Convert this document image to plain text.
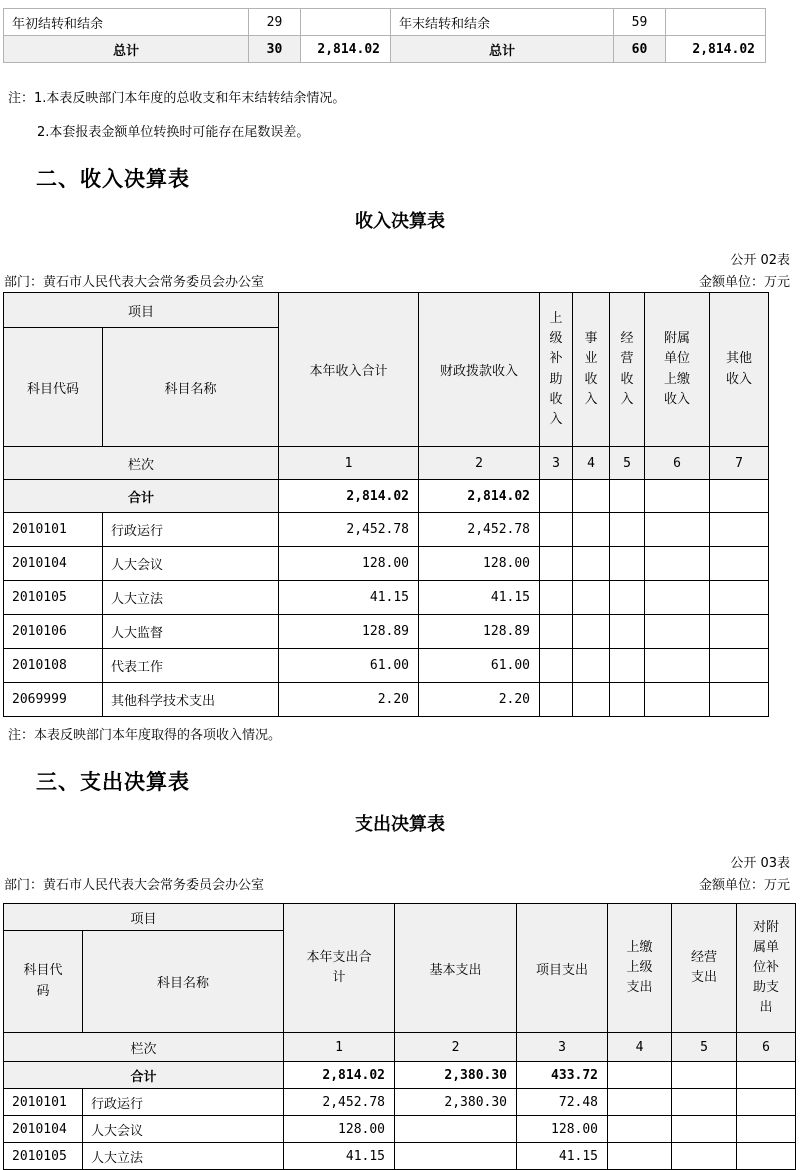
年初结转和结余	29		年末结转和结余	59	
总计	30	2,814.02	总计	60	2,814.02
注：1.本表反映部门本年度的总收支和年末结转结余情况。
2.本套报表金额单位转换时可能存在尾数误差。
二、收入决算表
收入决算表
公开 02表
部门：黄石市人民代表大会常务委员会办公室	金额单位：万元
项目		本年收入合计	财政拨款收入	上级补助收入	事业收入	经营收入	附属单位上缴收入	其他收入
科目代码	科目名称							
栏次		1	2	3	4	5	6	7
合计		2,814.02	2,814.02					
2010101	行政运行	2,452.78	2,452.78					
2010104	人大会议	128.00	128.00					
2010105	人大立法	41.15	41.15					
2010106	人大监督	128.89	128.89					
2010108	代表工作	61.00	61.00					
2069999	其他科学技术支出	2.20	2.20					
注：本表反映部门本年度取得的各项收入情况。
三、支出决算表
支出决算表
公开 03表
部门：黄石市人民代表大会常务委员会办公室	金额单位：万元
项目		本年支出合计	基本支出	项目支出	上缴上级支出	经营支出	对附属单位补助支出
科目代码	科目名称						
栏次		1	2	3	4	5	6
合计		2,814.02	2,380.30	433.72			
2010101	行政运行	2,452.78	2,380.30	72.48			
2010104	人大会议	128.00		128.00			
2010105	人大立法	41.15		41.15			
